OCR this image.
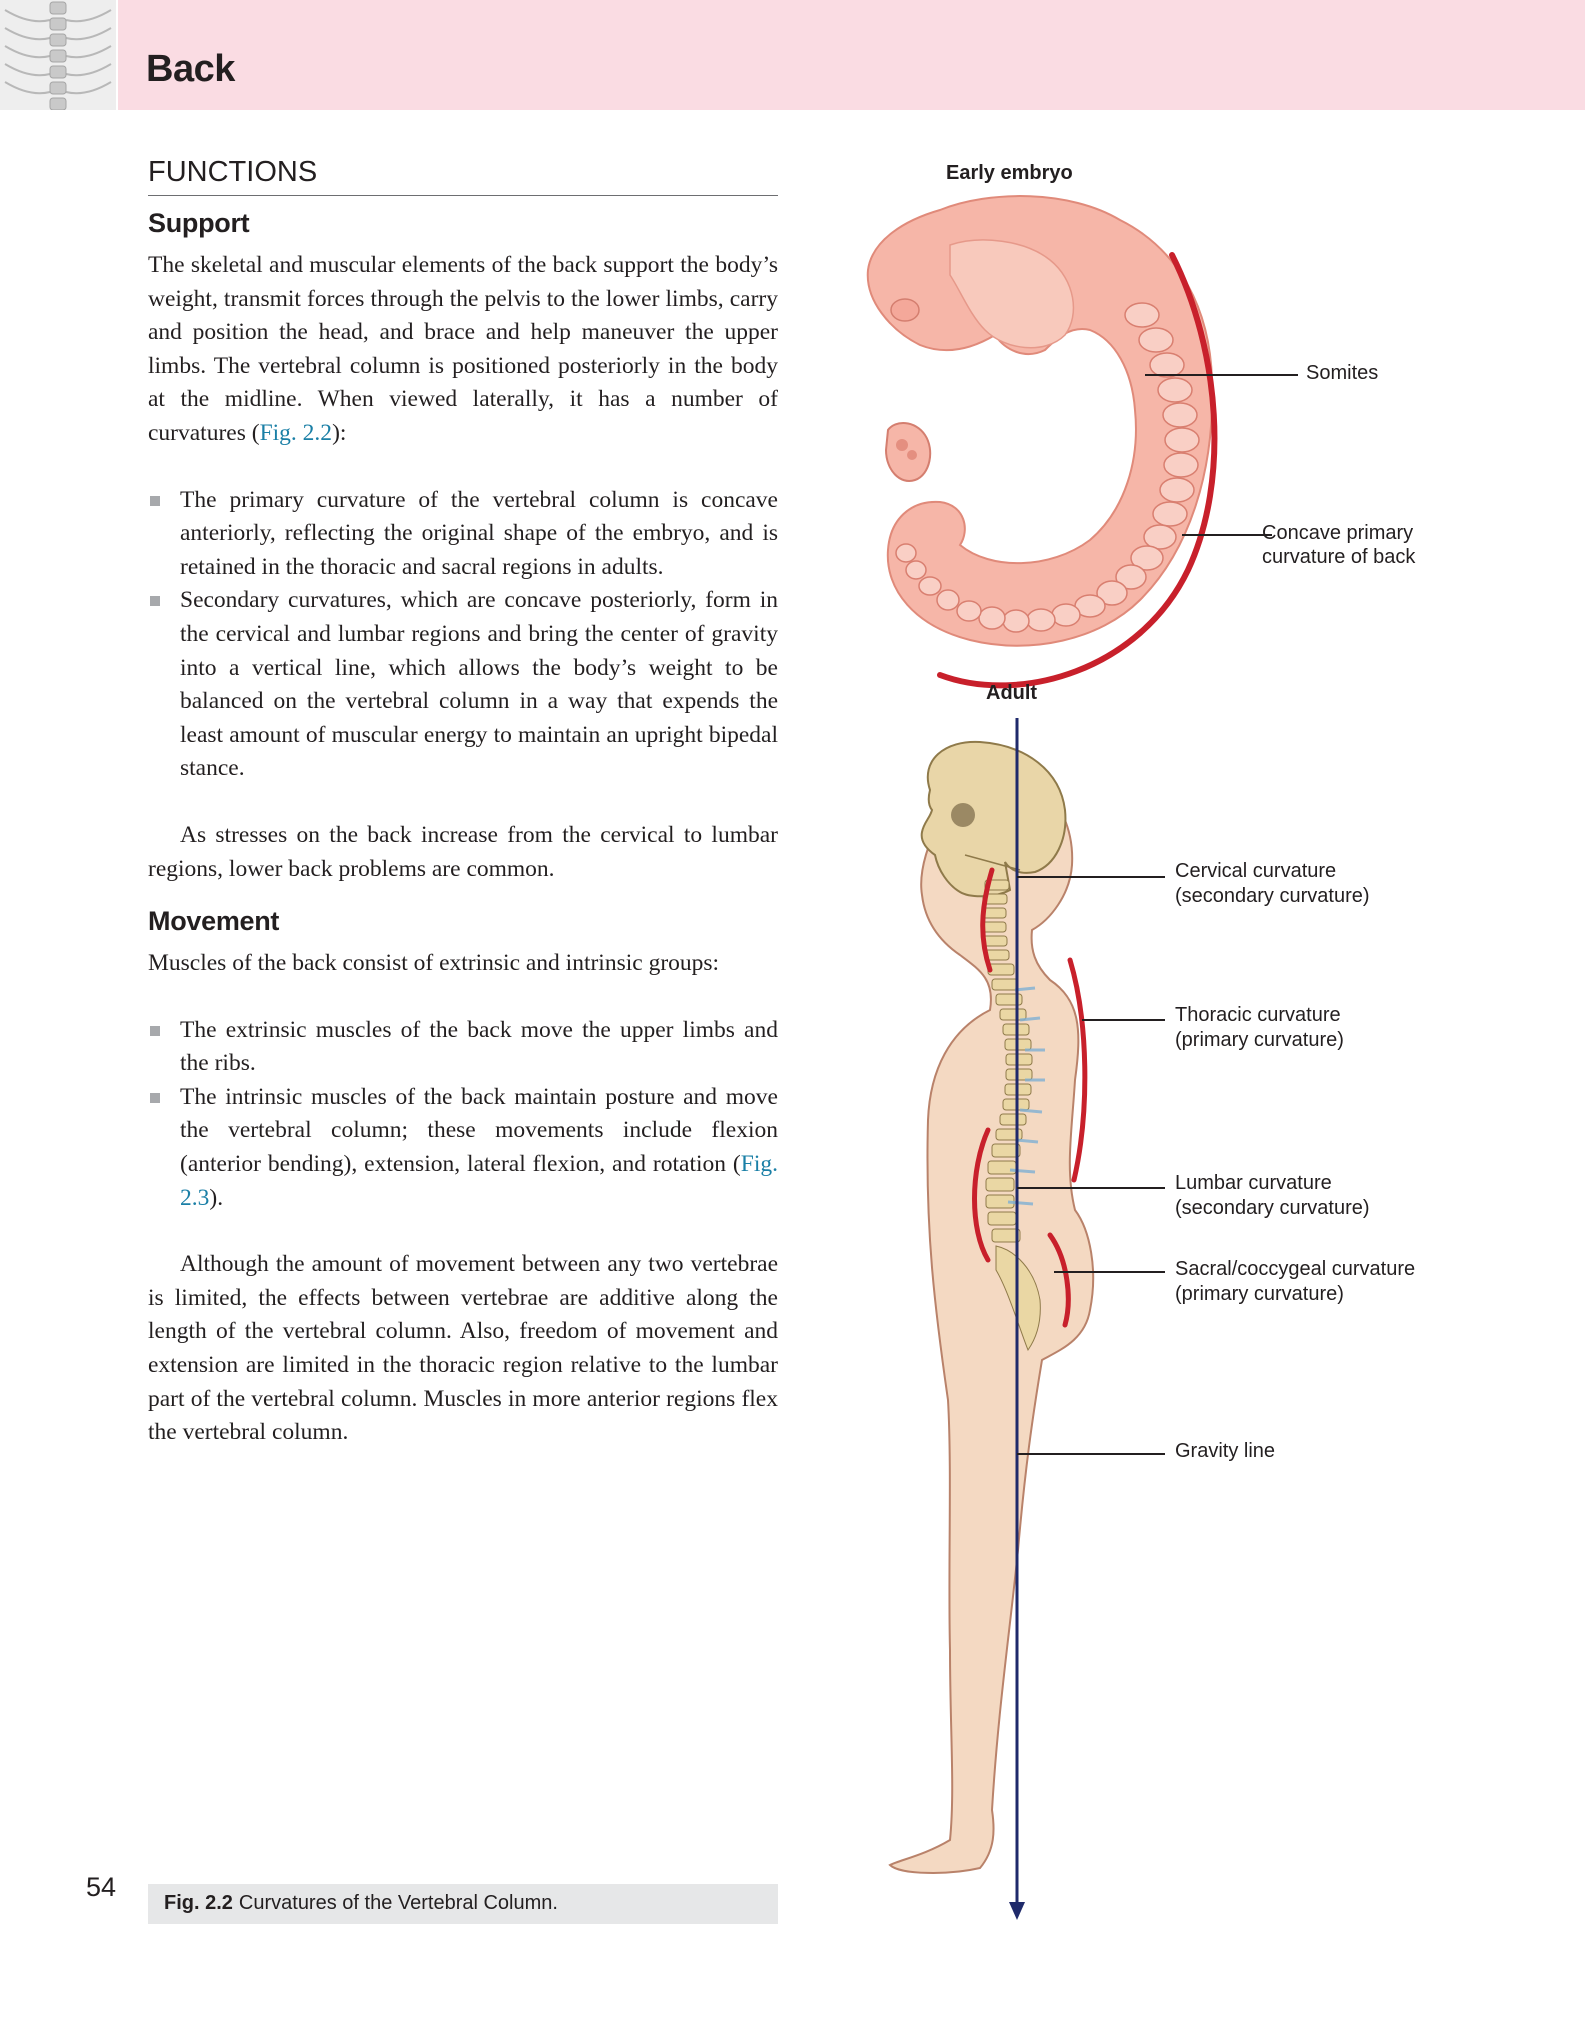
Back
FUNCTIONS
Support

The skeletal and muscular elements of the back support the body’s weight, transmit forces through the pelvis to the lower limbs, carry and position the head, and brace and help maneuver the upper limbs. The vertebral column is positioned posteriorly in the body at the midline. When viewed laterally, it has a number of curvatures (Fig. 2.2):

The primary curvature of the vertebral column is concave anteriorly, reflecting the original shape of the embryo, and is retained in the thoracic and sacral regions in adults.
Secondary curvatures, which are concave posteriorly, form in the cervical and lumbar regions and bring the center of gravity into a vertical line, which allows the body’s weight to be balanced on the vertebral column in a way that expends the least amount of muscular energy to maintain an upright bipedal stance.

As stresses on the back increase from the cervical to lumbar regions, lower back problems are common.

Movement

Muscles of the back consist of extrinsic and intrinsic groups:

The extrinsic muscles of the back move the upper limbs and the ribs.
The intrinsic muscles of the back maintain posture and move the vertebral column; these movements include flexion (anterior bending), extension, lateral flexion, and rotation (Fig. 2.3).

Although the amount of movement between any two vertebrae is limited, the effects between vertebrae are additive along the length of the vertebral column. Also, freedom of movement and extension are limited in the thoracic region relative to the lumbar part of the vertebral column. Muscles in more anterior regions flex the vertebral column.

Early embryo
Somites
Concave primary
curvature of back
Adult
Cervical curvature
(secondary curvature)
Thoracic curvature
(primary curvature)
Lumbar curvature
(secondary curvature)
Sacral/coccygeal curvature
(primary curvature)
Gravity line
54
Fig. 2.2 Curvatures of the Vertebral Column.
